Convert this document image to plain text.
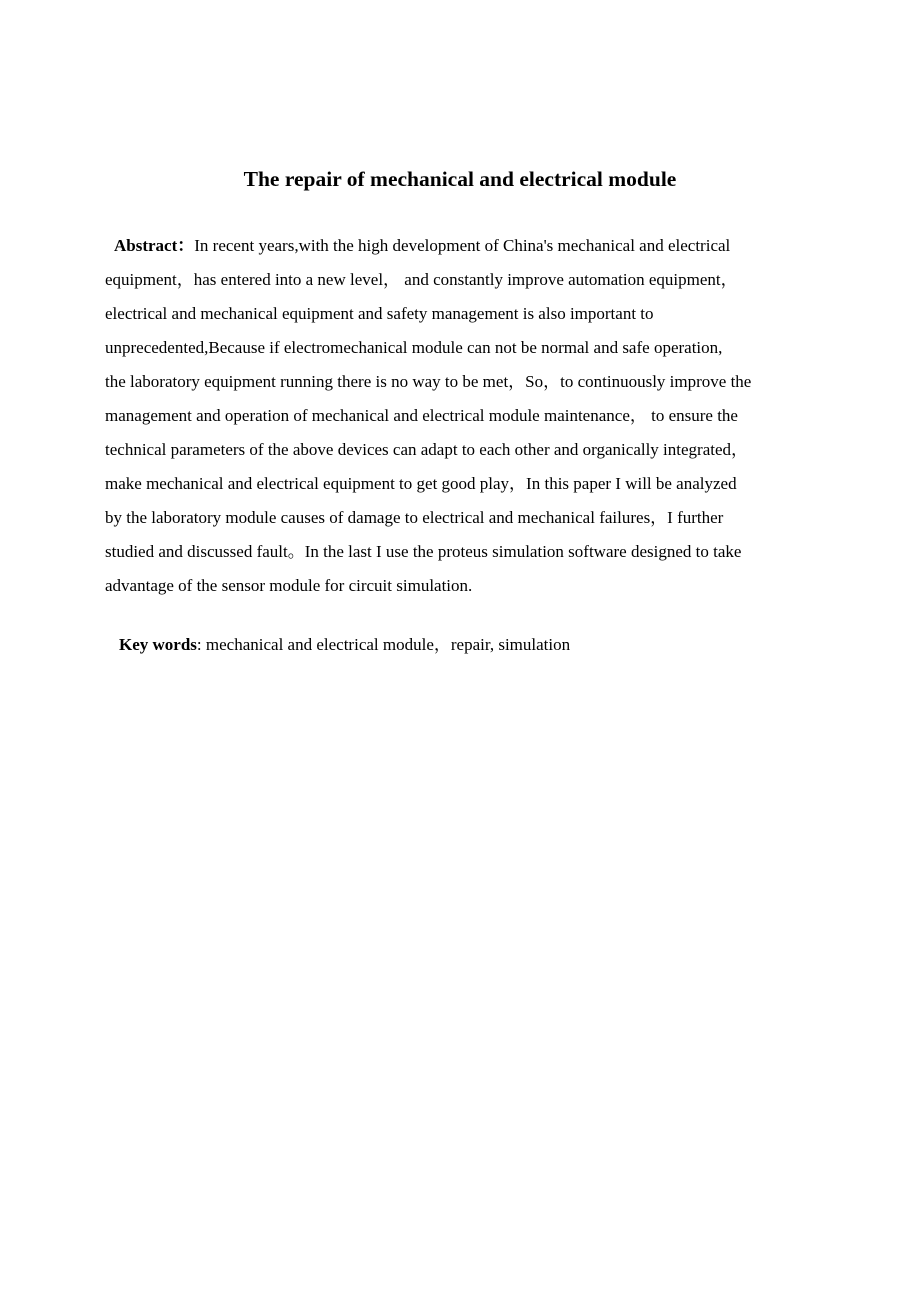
The repair of mechanical and electrical module

Abstract：In recent years,with the high development of China's mechanical and electrical
equipment，has entered into a new level， and constantly improve automation equipment，
electrical and mechanical equipment and safety management is also important to
unprecedented,Because if electromechanical module can not be normal and safe operation,
the laboratory equipment running there is no way to be met，So，to continuously improve the
management and operation of mechanical and electrical module maintenance， to ensure the
technical parameters of the above devices can adapt to each other and organically integrated，
make mechanical and electrical equipment to get good play，In this paper I will be analyzed
by the laboratory module causes of damage to electrical and mechanical failures，I further
studied and discussed fault。In the last I use the proteus simulation software designed to take
advantage of the sensor module for circuit simulation.

Key words: mechanical and electrical module，repair, simulation
